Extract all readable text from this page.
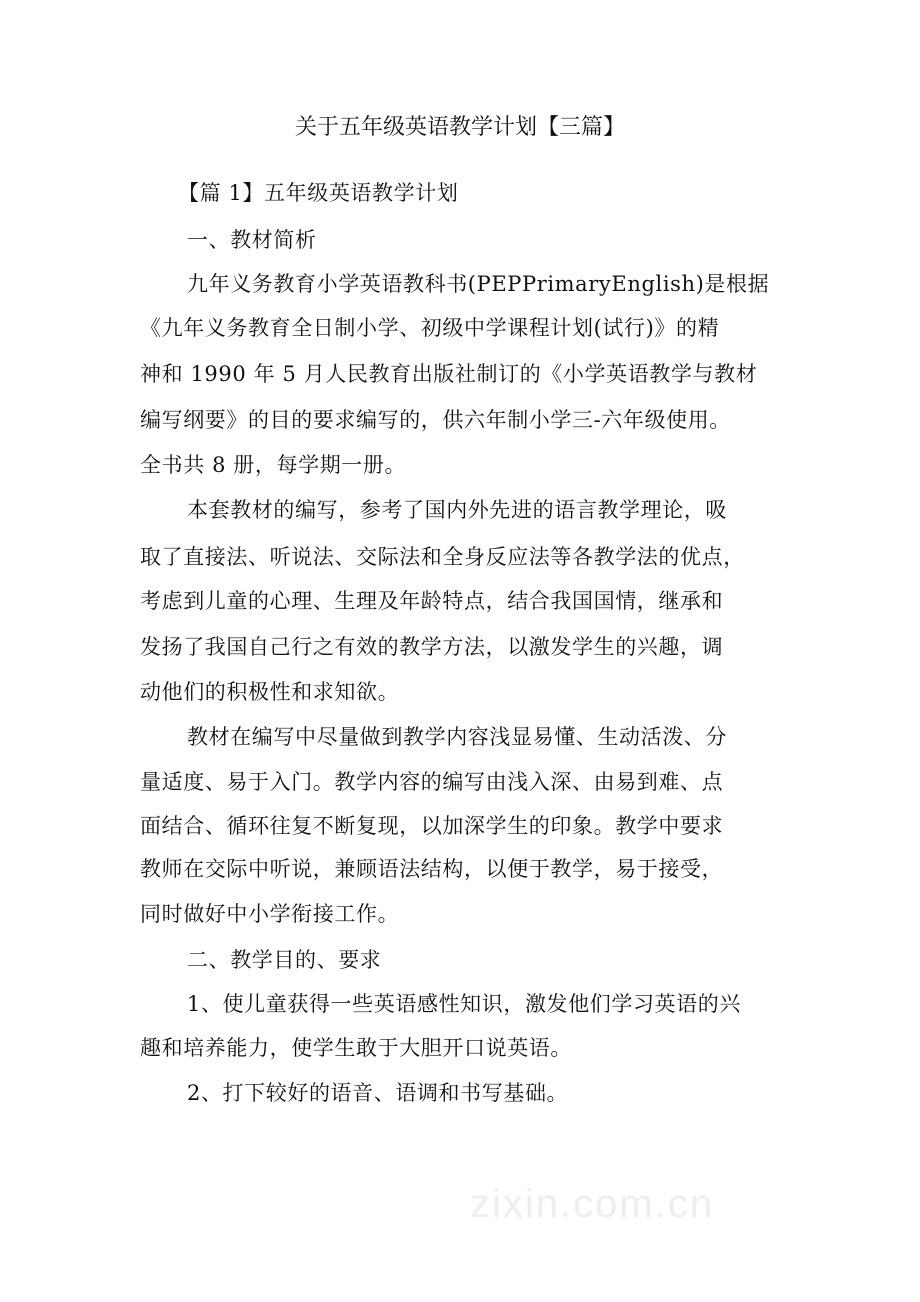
关于五年级英语教学计划【三篇】
【篇 1】五年级英语教学计划
一、教材简析
九年义务教育小学英语教科书(PEPPrimaryEnglish)是根据
《九年义务教育全日制小学、初级中学课程计划(试行)》的精
神和 1990 年 5 月人民教育出版社制订的《小学英语教学与教材
编写纲要》的目的要求编写的，供六年制小学三-六年级使用。
全书共 8 册，每学期一册。
本套教材的编写，参考了国内外先进的语言教学理论，吸
取了直接法、听说法、交际法和全身反应法等各教学法的优点，
考虑到儿童的心理、生理及年龄特点，结合我国国情，继承和
发扬了我国自己行之有效的教学方法，以激发学生的兴趣，调
动他们的积极性和求知欲。
教材在编写中尽量做到教学内容浅显易懂、生动活泼、分
量适度、易于入门。教学内容的编写由浅入深、由易到难、点
面结合、循环往复不断复现，以加深学生的印象。教学中要求
教师在交际中听说，兼顾语法结构，以便于教学，易于接受，
同时做好中小学衔接工作。
二、教学目的、要求
1、使儿童获得一些英语感性知识，激发他们学习英语的兴
趣和培养能力，使学生敢于大胆开口说英语。
2、打下较好的语音、语调和书写基础。
zixin.com.cn
